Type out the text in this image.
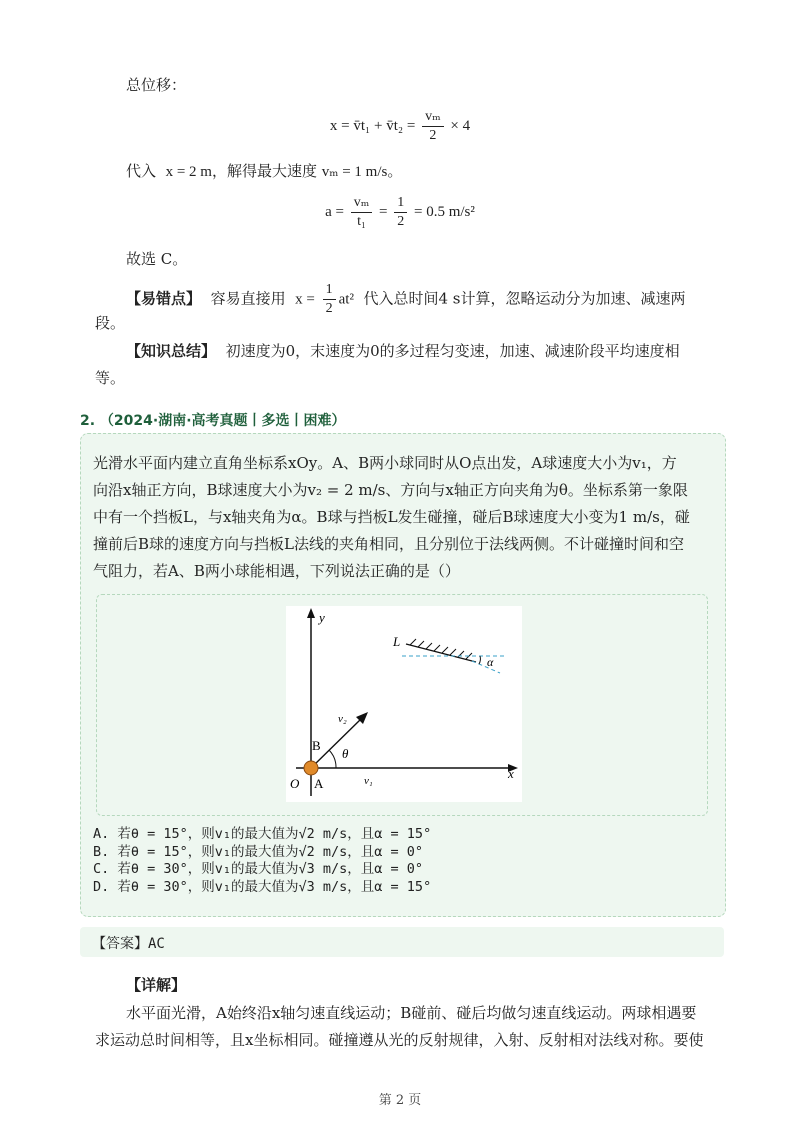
总位移：
x = v̄t₁ + v̄t₂ = $\frac{\text{vₘ}}{2} \times 4$
代入 x = 2 m，解得最大速度 vₘ = 1 m/s。
$a = \frac{\text{vₘ}}{\text{t₁}} = \frac{1}{2} = 0.5$ m/s²
故选 C。
【易错点】 容易直接用 $x = \frac{1}{2} at^2$ 代入总时间4 s计算，忽略运动分为加速、减速两
段。
【知识总结】 初速度为0，末速度为0的多过程匀变速，加速、减速阶段平均速度相
等。
2. （2024·湖南·高考真题丨多选丨困难）
光滑水平面内建立直角坐标系xOy。A、B两小球同时从O点出发，A球速度大小为v₁，方
向沿x轴正方向，B球速度大小为v₂ = 2 m/s、方向与x轴正方向夹角为θ。坐标系第一象限
中有一个挡板L，与x轴夹角为α。B球与挡板L发生碰撞，碰后B球速度大小变为1 m/s，碰
撞前后B球的速度方向与挡板L法线的夹角相同，且分别位于法线两侧。不计碰撞时间和空
气阻力，若A、B两小球能相遇，下列说法正确的是（）
y
x
v₂
θ
B
O A	v₁
L
α
A. 若θ = 15°，则v₁的最大值为√2 m/s，且α = 15°
B. 若θ = 15°，则v₁的最大值为√2 m/s，且α = 0°
C. 若θ = 30°，则v₁的最大值为√3 m/s，且α = 0°
D. 若θ = 30°，则v₁的最大值为√3 m/s，且α = 15°
【答案】AC
【详解】
水平面光滑，A始终沿x轴匀速直线运动；B碰前、碰后均做匀速直线运动。两球相遇要
求运动总时间相等，且x坐标相同。碰撞遵从光的反射规律，入射、反射相对法线对称。要使
第 2 页
